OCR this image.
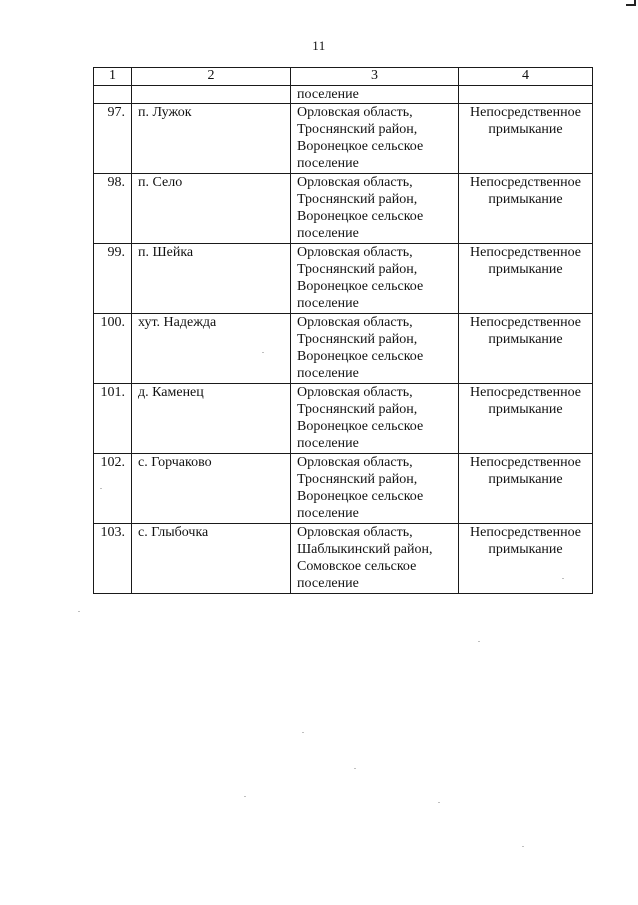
11
1	2	3	4

		поселение	

97.	п. Лужок	Орловская область,
Троснянский район,
Воронецкое сельское
поселение	Непосредственное примыкание
98.	п. Село	Орловская область,
Троснянский район,
Воронецкое сельское
поселение	Непосредственное примыкание
99.	п. Шейка	Орловская область,
Троснянский район,
Воронецкое сельское
поселение	Непосредственное примыкание
100.	хут. Надежда	Орловская область,
Троснянский район,
Воронецкое сельское
поселение	Непосредственное примыкание
101.	д. Каменец	Орловская область,
Троснянский район,
Воронецкое сельское
поселение	Непосредственное примыкание
102.	с. Горчаково	Орловская область,
Троснянский район,
Воронецкое сельское
поселение	Непосредственное примыкание
103.	с. Глыбочка	Орловская область,
Шаблыкинский район,
Сомовское сельское
поселение	Непосредственное примыкание
